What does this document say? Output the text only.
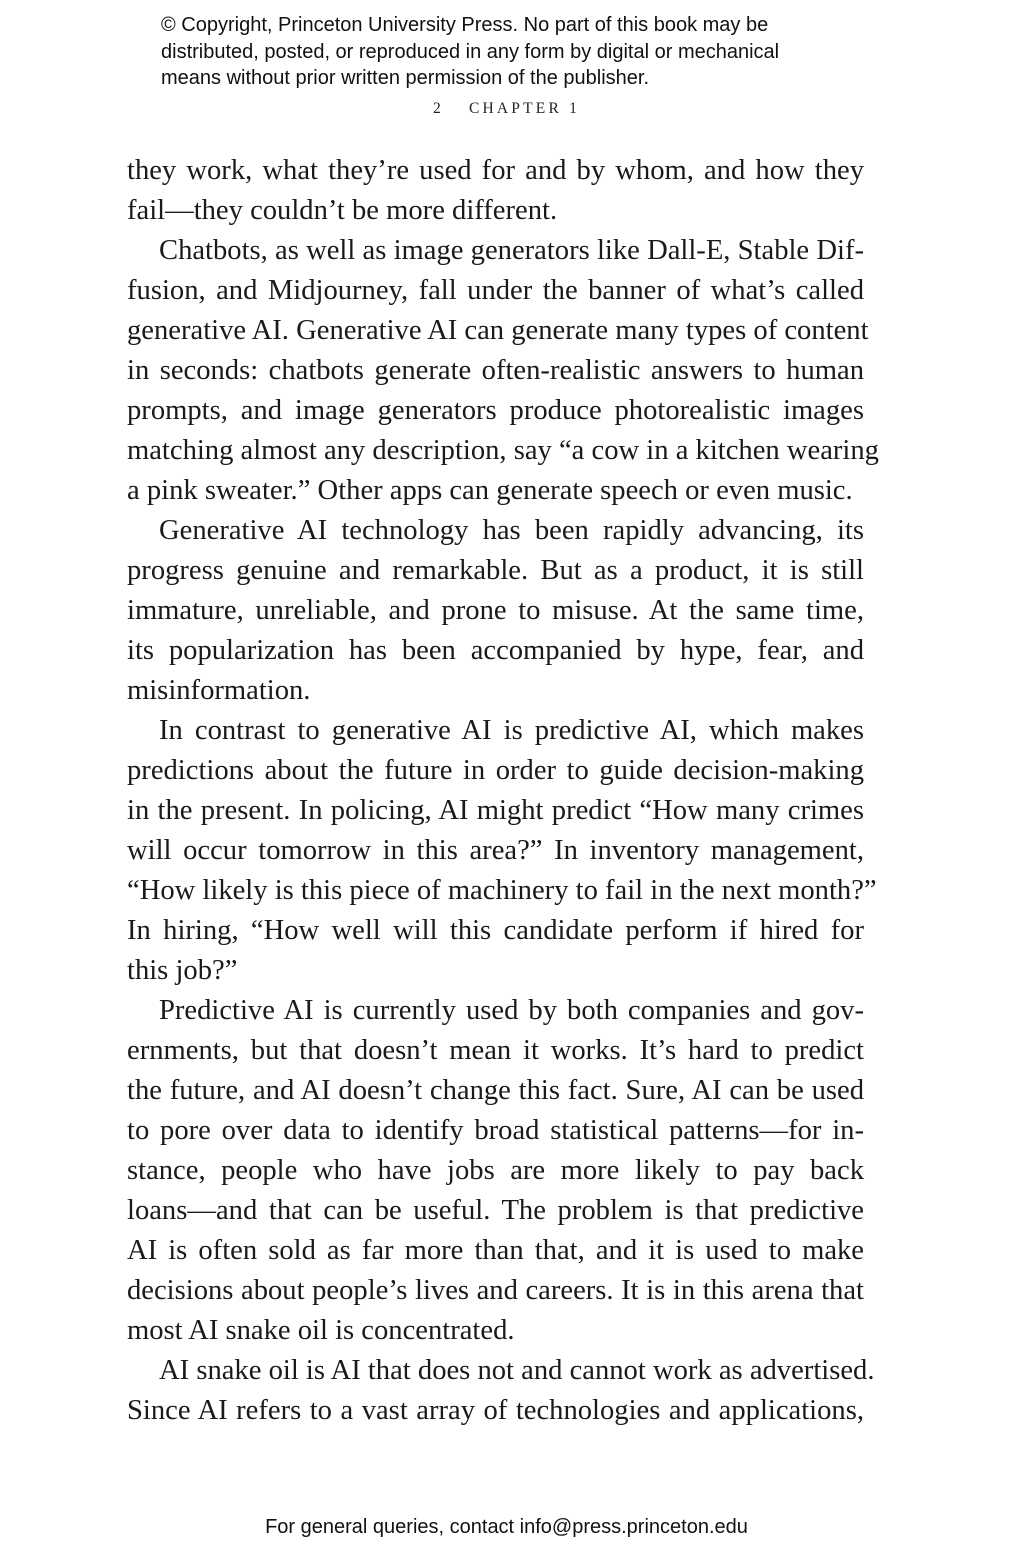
© Copyright, Princeton University Press. No part of this book may be
distributed, posted, or reproduced in any form by digital or mechanical
means without prior written permission of the publisher.
2 CHAPTER 1

they work, what they’re used for and by whom, and how they
fail—they couldn’t be more different.

Chatbots, as well as image generators like Dall-E, Stable Dif-
fusion, and Midjourney, fall under the banner of what’s called
generative AI. Generative AI can generate many types of content
in seconds: chatbots generate often-realistic answers to human
prompts, and image generators produce photorealistic images
matching almost any description, say “a cow in a kitchen wearing
a pink sweater.” Other apps can generate speech or even music.

Generative AI technology has been rapidly advancing, its
progress genuine and remarkable. But as a product, it is still
immature, unreliable, and prone to misuse. At the same time,
its popularization has been accompanied by hype, fear, and
misinformation.

In contrast to generative AI is predictive AI, which makes
predictions about the future in order to guide decision-making
in the present. In policing, AI might predict “How many crimes
will occur tomorrow in this area?” In inventory management,
“How likely is this piece of machinery to fail in the next month?”
In hiring, “How well will this candidate perform if hired for
this job?”

Predictive AI is currently used by both companies and gov-
ernments, but that doesn’t mean it works. It’s hard to predict
the future, and AI doesn’t change this fact. Sure, AI can be used
to pore over data to identify broad statistical patterns—for in-
stance, people who have jobs are more likely to pay back
loans—and that can be useful. The problem is that predictive
AI is often sold as far more than that, and it is used to make
decisions about people’s lives and careers. It is in this arena that
most AI snake oil is concentrated.

AI snake oil is AI that does not and cannot work as advertised.
Since AI refers to a vast array of technologies and applications,

For general queries, contact info@press.princeton.edu
